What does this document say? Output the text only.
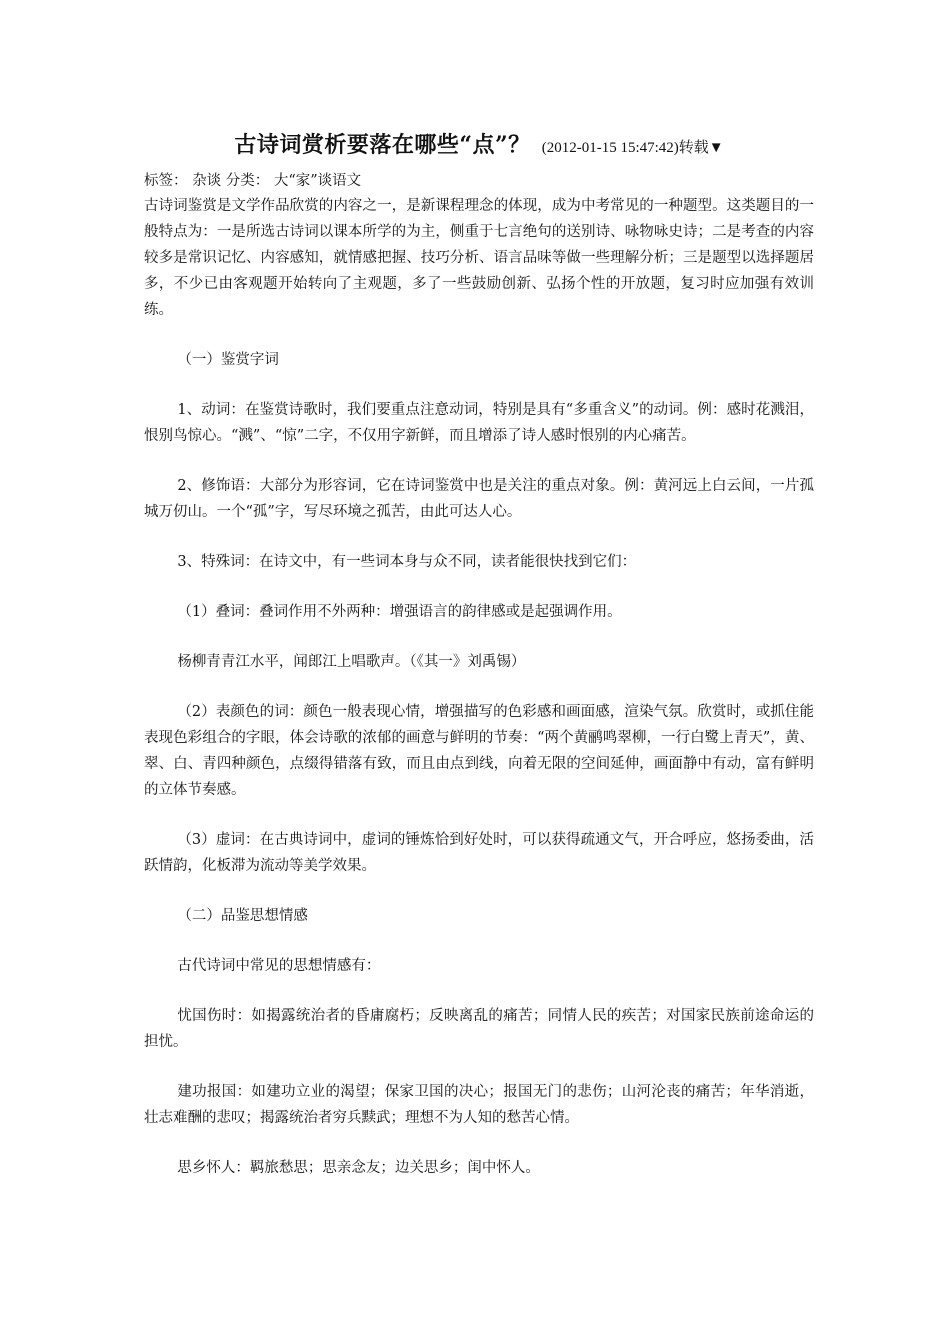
古诗词赏析要落在哪些“点”？ (2012-01-15 15:47:42)转载▼

标签： 杂谈 分类： 大“家”谈语文

古诗词鉴赏是文学作品欣赏的内容之一，是新课程理念的体现，成为中考常见的一种题型。这类题目的一般特点为：一是所选古诗词以课本所学的为主，侧重于七言绝句的送别诗、咏物咏史诗；二是考查的内容较多是常识记忆、内容感知，就情感把握、技巧分析、语言品味等做一些理解分析；三是题型以选择题居多，不少已由客观题开始转向了主观题，多了一些鼓励创新、弘扬个性的开放题，复习时应加强有效训练。

（一）鉴赏字词

1、动词：在鉴赏诗歌时，我们要重点注意动词，特别是具有“多重含义”的动词。例：感时花溅泪，恨别鸟惊心。“溅”、“惊”二字，不仅用字新鲜，而且增添了诗人感时恨别的内心痛苦。

2、修饰语：大部分为形容词，它在诗词鉴赏中也是关注的重点对象。例：黄河远上白云间，一片孤城万仞山。一个“孤”字，写尽环境之孤苦，由此可达人心。

3、特殊词：在诗文中，有一些词本身与众不同，读者能很快找到它们：

（1）叠词：叠词作用不外两种：增强语言的韵律感或是起强调作用。

杨柳青青江水平，闻郎江上唱歌声。（《其一》刘禹锡）

（2）表颜色的词：颜色一般表现心情，增强描写的色彩感和画面感，渲染气氛。欣赏时，或抓住能表现色彩组合的字眼，体会诗歌的浓郁的画意与鲜明的节奏：“两个黄鹂鸣翠柳，一行白鹭上青天”，黄、翠、白、青四种颜色，点缀得错落有致，而且由点到线，向着无限的空间延伸，画面静中有动，富有鲜明的立体节奏感。

（3）虚词：在古典诗词中，虚词的锤炼恰到好处时，可以获得疏通文气，开合呼应，悠扬委曲，活跃情韵，化板滞为流动等美学效果。

（二）品鉴思想情感

古代诗词中常见的思想情感有：

忧国伤时：如揭露统治者的昏庸腐朽；反映离乱的痛苦；同情人民的疾苦；对国家民族前途命运的担忧。

建功报国：如建功立业的渴望；保家卫国的决心；报国无门的悲伤；山河沦丧的痛苦；年华消逝，壮志难酬的悲叹；揭露统治者穷兵黩武；理想不为人知的愁苦心情。

思乡怀人：羁旅愁思；思亲念友；边关思乡；闺中怀人。
